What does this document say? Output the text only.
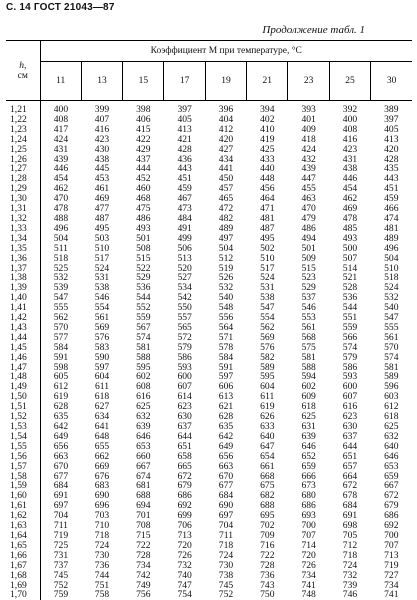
С. 14 ГОСТ 21043—87
Продолжение табл. 1
h,
см	Коэффициент M при температуре, °C								
	11	13	15	17	19	21	23	25	30
1,21	400	399	398	397	396	394	393	392	389
1,22	408	407	406	405	404	402	401	400	397
1,23	417	416	415	413	412	410	409	408	405
1,24	424	423	422	421	420	419	418	416	413
1,25	431	430	429	428	427	425	424	423	420
1,26	439	438	437	436	434	433	432	431	428
1,27	446	445	444	443	441	440	439	438	435
1,28	454	453	452	451	450	448	447	446	443
1,29	462	461	460	459	457	456	455	454	451
1,30	470	469	468	467	465	464	463	462	459
1,31	478	477	475	473	472	471	470	469	466
1,32	488	487	486	484	482	481	479	478	474
1,33	496	495	493	491	489	487	486	485	481
1,34	504	503	501	499	497	495	494	493	489
1,35	511	510	508	506	504	502	501	500	496
1,36	518	517	515	513	512	510	509	507	504
1,37	525	524	522	520	519	517	515	514	510
1,38	532	531	529	527	526	524	523	521	518
1,39	539	538	536	534	532	531	529	528	524
1,40	547	546	544	542	540	538	537	536	532
1,41	555	554	552	550	548	547	546	544	540
1,42	562	561	559	557	556	554	553	551	547
1,43	570	569	567	565	564	562	561	559	555
1,44	577	576	574	572	571	569	568	566	561
1,45	584	583	581	579	578	576	575	574	570
1,46	591	590	588	586	584	582	581	579	574
1,47	598	597	595	593	591	589	588	586	581
1,48	605	604	602	600	597	595	594	593	589
1,49	612	611	608	607	606	604	602	600	596
1,50	619	618	616	614	613	611	609	607	603
1,51	628	627	625	623	621	619	618	616	612
1,52	635	634	632	630	628	626	625	623	618
1,53	642	641	639	637	635	633	631	630	625
1,54	649	648	646	644	642	640	639	637	632
1,55	656	655	653	651	649	647	646	644	640
1,56	663	662	660	658	656	654	652	651	646
1,57	670	669	667	665	663	661	659	657	653
1,58	677	676	674	672	670	668	666	664	659
1,59	684	683	681	679	677	675	673	672	667
1,60	691	690	688	686	684	682	680	678	672
1,61	697	696	694	692	690	688	686	684	679
1,62	704	703	701	699	697	695	693	691	686
1,63	711	710	708	706	704	702	700	698	692
1,64	719	718	715	713	711	709	707	705	700
1,65	725	724	722	720	718	716	714	712	707
1,66	731	730	728	726	724	722	720	718	713
1,67	737	736	734	732	730	728	726	724	719
1,68	745	744	742	740	738	736	734	732	727
1,69	752	751	749	747	745	743	741	739	734
1,70	759	758	756	754	752	750	748	746	741
